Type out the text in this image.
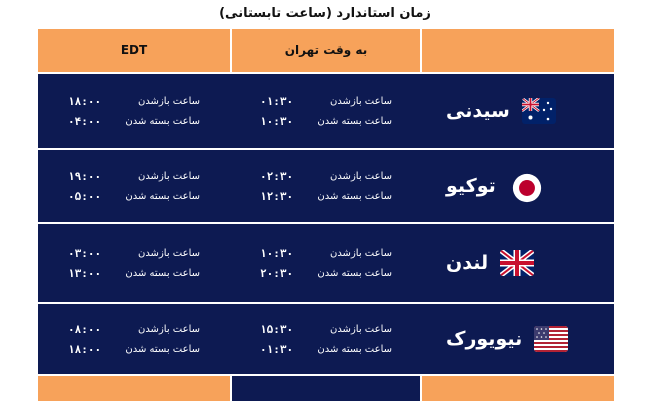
زمان استاندارد (ساعت تابستانی)
EDT	به وقت تهران
۱۸:۰۰	ساعت بازشدن
۰۴:۰۰	ساعت بسته شدن
۰۱:۳۰	ساعت بازشدن
۱۰:۳۰	ساعت بسته شدن	سیدنی
۱۹:۰۰	ساعت بازشدن
۰۵:۰۰	ساعت بسته شدن
۰۲:۳۰	ساعت بازشدن
۱۲:۳۰	ساعت بسته شدن	توکیو
۰۳:۰۰	ساعت بازشدن
۱۳:۰۰	ساعت بسته شدن
۱۰:۳۰	ساعت بازشدن
۲۰:۳۰	ساعت بسته شدن	لندن
۰۸:۰۰	ساعت بازشدن
۱۸:۰۰	ساعت بسته شدن
۱۵:۳۰	ساعت بازشدن
۰۱:۳۰	ساعت بسته شدن	نیویورک
